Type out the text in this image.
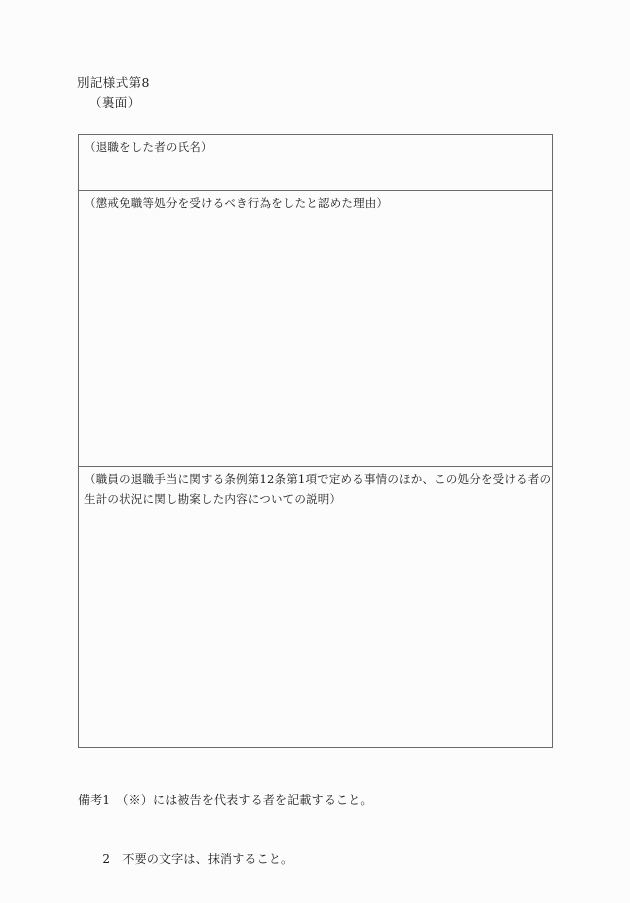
別記様式第8
（裏面）
（退職をした者の氏名）
（懲戒免職等処分を受けるべき行為をしたと認めた理由）

（職員の退職手当に関する条例第12条第1項で定める事情のほか、この処分を受ける者の
生計の状況に関し勘案した内容についての説明）

備考1　（※）には被告を代表する者を記載すること。

　　2　不要の文字は、抹消すること。
